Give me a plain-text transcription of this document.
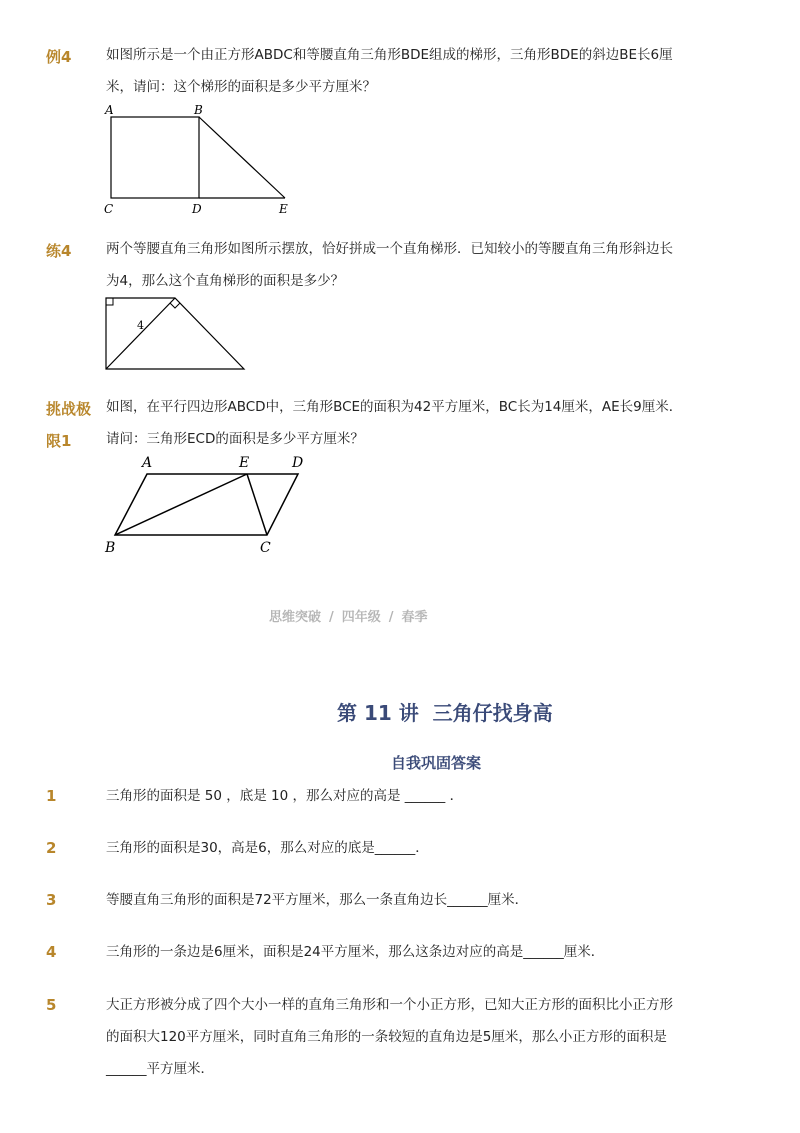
例4	如图所示是一个由正方形ABDC和等腰直角三角形BDE组成的梯形，三角形BDE的斜边BE长6厘
米，请问：这个梯形的面积是多少平方厘米？
A	B
C	D	E
练4	两个等腰直角三角形如图所示摆放，恰好拼成一个直角梯形．已知较小的等腰直角三角形斜边长
为4，那么这个直角梯形的面积是多少？
4
挑战极
限1
如图，在平行四边形ABCD中，三角形BCE的面积为42平方厘米，BC长为14厘米，AE长9厘米．
请问：三角形ECD的面积是多少平方厘米？
A	E	D
B	C
思维突破 / 四年级 / 春季
第 11 讲  三角仔找身高
自我巩固答案
1	三角形的面积是 50 ，底是 10 ，那么对应的高是 ______ ．
2	三角形的面积是30，高是6，那么对应的底是______．
3	等腰直角三角形的面积是72平方厘米，那么一条直角边长______厘米．
4	三角形的一条边是6厘米，面积是24平方厘米，那么这条边对应的高是______厘米．
5	大正方形被分成了四个大小一样的直角三角形和一个小正方形，已知大正方形的面积比小正方形
的面积大120平方厘米，同时直角三角形的一条较短的直角边是5厘米，那么小正方形的面积是
______平方厘米．
